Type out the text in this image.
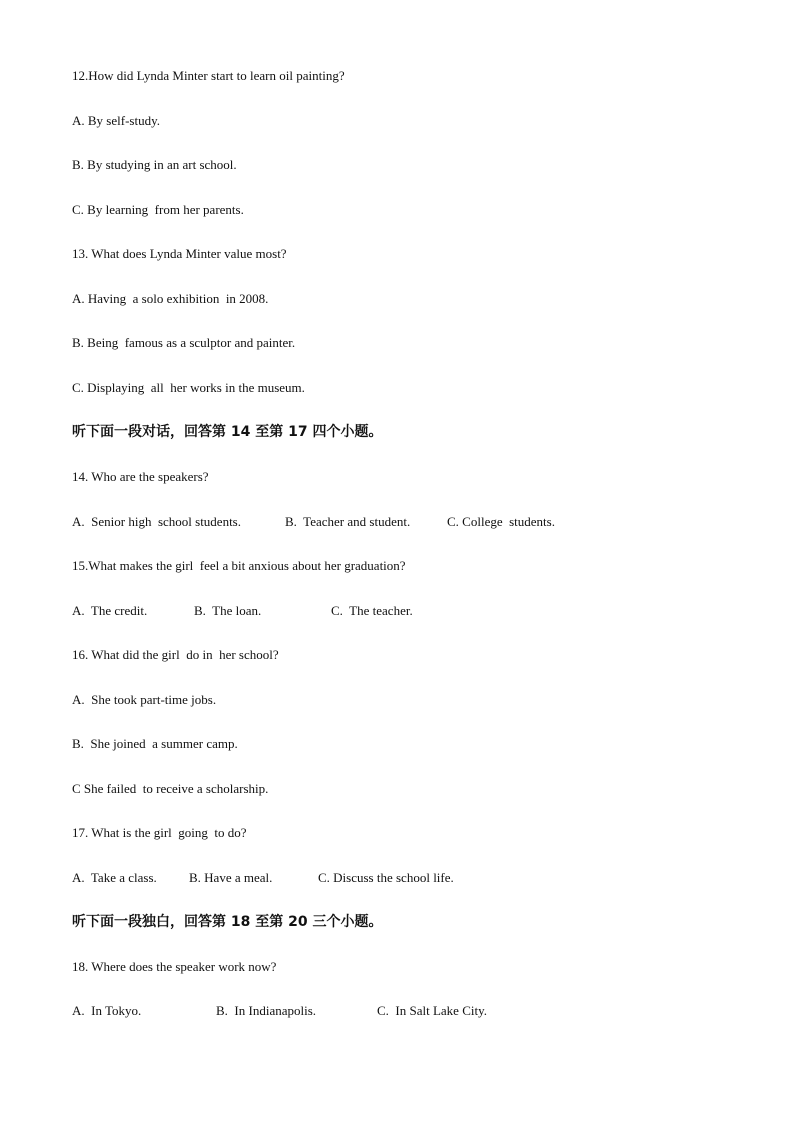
12.How did Lynda Minter start to learn oil painting?
A. By self-study.
B. By studying in an art school.
C. By learning  from her parents.
13. What does Lynda Minter value most?
A. Having  a solo exhibition  in 2008.
B. Being  famous as a sculptor and painter.
C. Displaying  all  her works in the museum.
听下面一段对话，回答第 14 至第 17 四个小题。
14. Who are the speakers?

A.  Senior high  school students.

	B.  Teacher and student.

	C. College  students.

15.What makes the girl  feel a bit anxious about her graduation?

A.  The credit.

	B.  The loan.

	C.  The teacher.

16. What did the girl  do in  her school?
A.  She took part-time jobs.
B.  She joined  a summer camp.
C She failed  to receive a scholarship.
17. What is the girl  going  to do?

A.  Take a class.

B. Have a meal.

	C. Discuss the school life.

听下面一段独白，回答第 18 至第 20 三个小题。
18. Where does the speaker work now?

A.  In Tokyo.

	B.  In Indianapolis.

	C.  In Salt Lake City.
